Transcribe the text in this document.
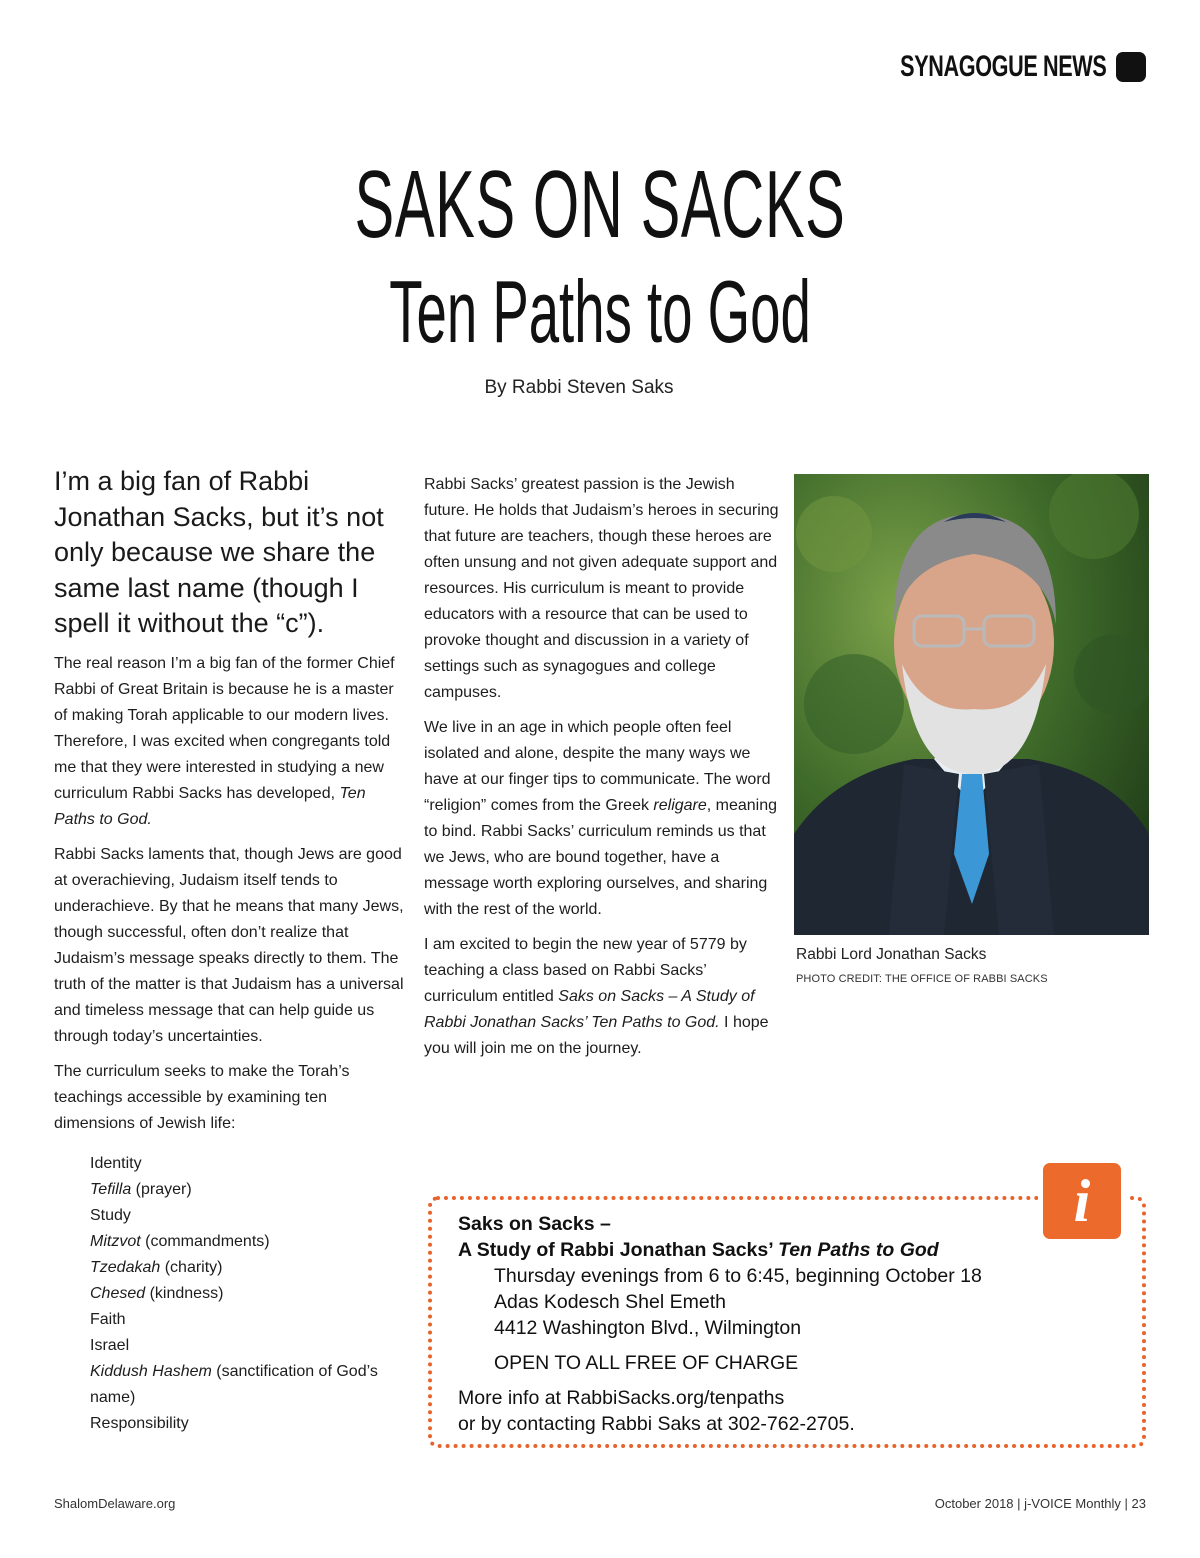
SYNAGOGUE NEWS
SAKS ON SACKS
Ten Paths to God
By Rabbi Steven Saks

I’m a big fan of Rabbi Jonathan Sacks, but it’s not only because we share the same last name (though I spell it without the “c”).

The real reason I’m a big fan of the former Chief Rabbi of Great Britain is because he is a master of making Torah applicable to our modern lives. Therefore, I was excited when congregants told me that they were interested in studying a new curriculum Rabbi Sacks has developed, Ten Paths to God.

Rabbi Sacks laments that, though Jews are good at overachieving, Judaism itself tends to underachieve. By that he means that many Jews, though successful, often don’t realize that Judaism’s message speaks directly to them. The truth of the matter is that Judaism has a universal and timeless message that can help guide us through today’s uncertainties.

The curriculum seeks to make the Torah’s teachings accessible by examining ten dimensions of Jewish life:

Identity
Tefilla (prayer)
Study
Mitzvot (commandments)
Tzedakah (charity)
Chesed (kindness)
Faith
Israel
Kiddush Hashem (sanctification of God’s name)
Responsibility

Rabbi Sacks’ greatest passion is the Jewish future. He holds that Judaism’s heroes in securing that future are teachers, though these heroes are often unsung and not given adequate support and resources. His curriculum is meant to provide educators with a resource that can be used to provoke thought and discussion in a variety of settings such as synagogues and college campuses.

We live in an age in which people often feel isolated and alone, despite the many ways we have at our finger tips to communicate. The word “religion” comes from the Greek religare, meaning to bind. Rabbi Sacks’ curriculum reminds us that we Jews, who are bound together, have a message worth exploring ourselves, and sharing with the rest of the world.

I am excited to begin the new year of 5779 by teaching a class based on Rabbi Sacks’ curriculum entitled Saks on Sacks – A Study of Rabbi Jonathan Sacks’ Ten Paths to God. I hope you will join me on the journey.

Rabbi Lord Jonathan Sacks
PHOTO CREDIT: THE OFFICE OF RABBI SACKS
i
Saks on Sacks –
A Study of Rabbi Jonathan Sacks’ Ten Paths to God
Thursday evenings from 6 to 6:45, beginning October 18
Adas Kodesch Shel Emeth
4412 Washington Blvd., Wilmington
OPEN TO ALL FREE OF CHARGE
More info at RabbiSacks.org/tenpaths
or by contacting Rabbi Saks at 302-762-2705.
ShalomDelaware.org	October 2018 | j-VOICE Monthly | 23
